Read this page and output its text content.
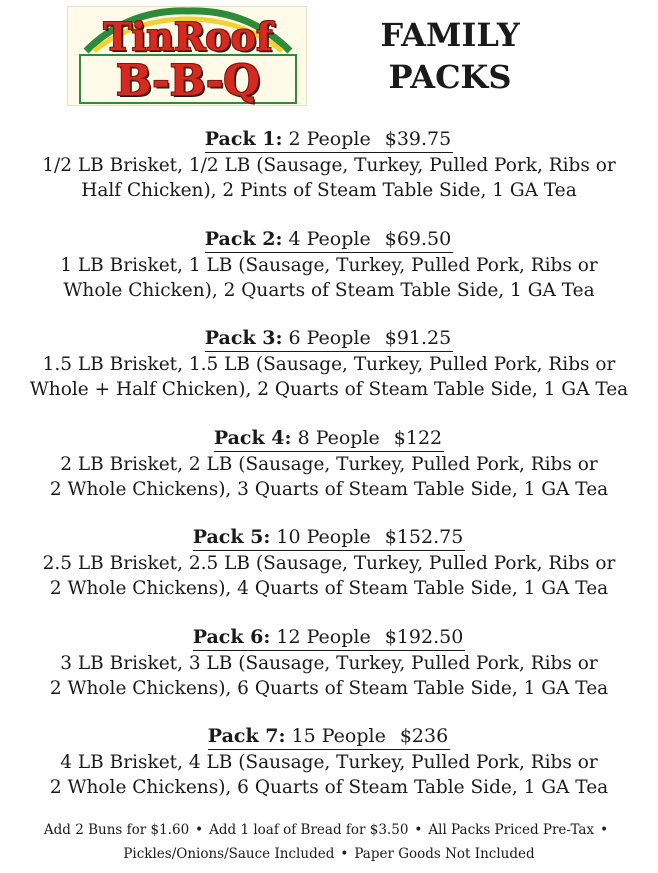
TinRoof
B-B-Q
FAMILY
PACKS
Pack 1: 2 People $39.75
1/2 LB Brisket, 1/2 LB (Sausage, Turkey, Pulled Pork, Ribs or
Half Chicken), 2 Pints of Steam Table Side, 1 GA Tea
Pack 2: 4 People $69.50
1 LB Brisket, 1 LB (Sausage, Turkey, Pulled Pork, Ribs or
Whole Chicken), 2 Quarts of Steam Table Side, 1 GA Tea
Pack 3: 6 People $91.25
1.5 LB Brisket, 1.5 LB (Sausage, Turkey, Pulled Pork, Ribs or
Whole + Half Chicken), 2 Quarts of Steam Table Side, 1 GA Tea
Pack 4: 8 People $122
2 LB Brisket, 2 LB (Sausage, Turkey, Pulled Pork, Ribs or
2 Whole Chickens), 3 Quarts of Steam Table Side, 1 GA Tea
Pack 5: 10 People $152.75
2.5 LB Brisket, 2.5 LB (Sausage, Turkey, Pulled Pork, Ribs or
2 Whole Chickens), 4 Quarts of Steam Table Side, 1 GA Tea
Pack 6: 12 People $192.50
3 LB Brisket, 3 LB (Sausage, Turkey, Pulled Pork, Ribs or
2 Whole Chickens), 6 Quarts of Steam Table Side, 1 GA Tea
Pack 7: 15 People $236
4 LB Brisket, 4 LB (Sausage, Turkey, Pulled Pork, Ribs or
2 Whole Chickens), 6 Quarts of Steam Table Side, 1 GA Tea
Add 2 Buns for $1.60 • Add 1 loaf of Bread for $3.50 • All Packs Priced Pre-Tax •
Pickles/Onions/Sauce Included • Paper Goods Not Included
